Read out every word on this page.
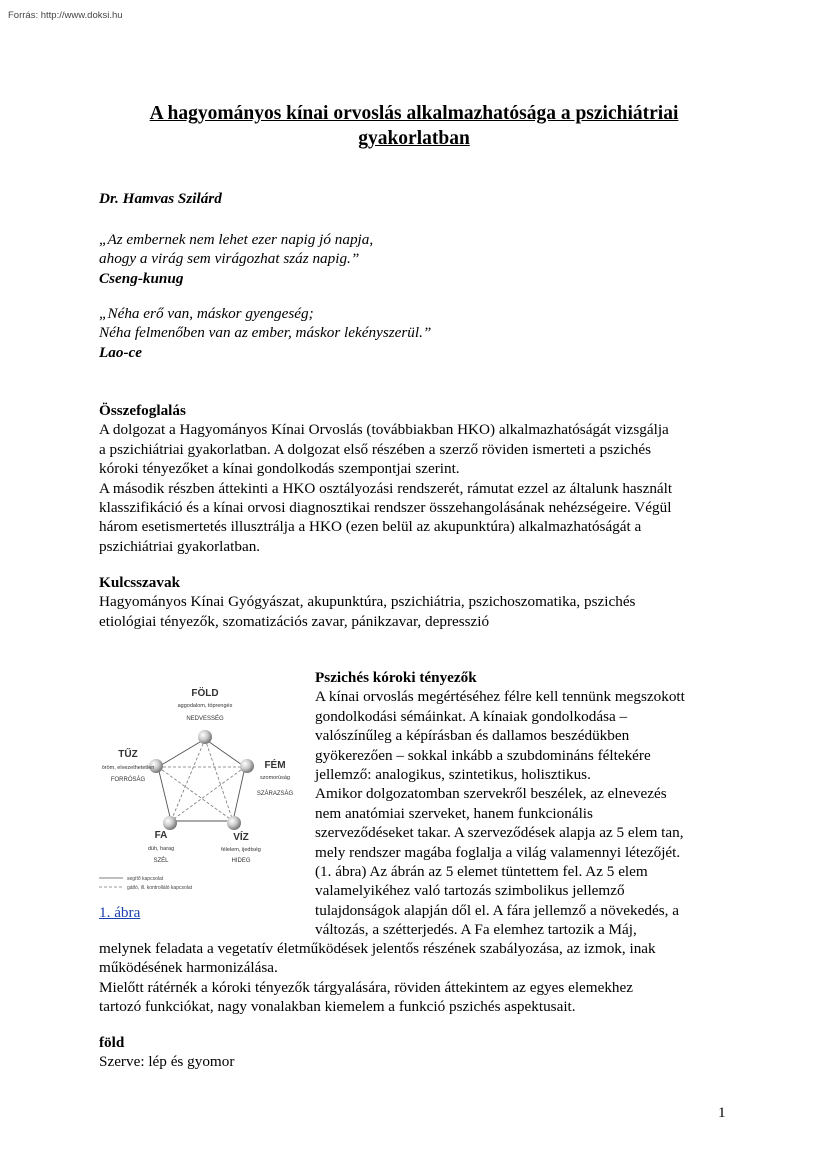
Forrás: http://www.doksi.hu
A hagyományos kínai orvoslás alkalmazhatósága a pszichiátriai
gyakorlatban
Dr. Hamvas Szilárd
„Az embernek nem lehet ezer napig jó napja,
ahogy a virág sem virágozhat száz napig.”
Cseng-kunug
„Néha erő van, máskor gyengeség;
Néha felmenőben van az ember, máskor lekényszerül.”
Lao-ce
Összefoglalás
A dolgozat a Hagyományos Kínai Orvoslás (továbbiakban HKO) alkalmazhatóságát vizsgálja
a pszichiátriai gyakorlatban. A dolgozat első részében a szerző röviden ismerteti a pszichés
kóroki tényezőket a kínai gondolkodás szempontjai szerint.
A második részben áttekinti a HKO osztályozási rendszerét, rámutat ezzel az általunk használt
klasszifikáció és a kínai orvosi diagnosztikai rendszer összehangolásának nehézségeire. Végül
három esetismertetés illusztrálja a HKO (ezen belül az akupunktúra) alkalmazhatóságát a
pszichiátriai gyakorlatban.
Kulcsszavak
Hagyományos Kínai Gyógyászat, akupunktúra, pszichiátria, pszichoszomatika, pszichés
etiológiai tényezők, szomatizációs zavar, pánikzavar, depresszió
FÖLD
aggodalom, töprengés
NEDVESSÉG
TŰZ
öröm, elvezethetetlen
FORRÓSÁG
FÉM
szomorúság
SZÁRAZSÁG
FA
düh, harag
SZÉL
VÍZ
félelem, ijedtség
HIDEG
segítő kapcsolat
gátló, ill. kontrolláló kapcsolat
1. ábra
Pszichés kóroki tényezők
A kínai orvoslás megértéséhez félre kell tennünk megszokott
gondolkodási sémáinkat. A kínaiak gondolkodása –
valószínűleg a képírásban és dallamos beszédükben
gyökerezően – sokkal inkább a szubdomináns féltekére
jellemző: analogikus, szintetikus, holisztikus.
Amikor dolgozatomban szervekről beszélek, az elnevezés
nem anatómiai szerveket, hanem funkcionális
szerveződéseket takar. A szerveződések alapja az 5 elem tan,
mely rendszer magába foglalja a világ valamennyi létezőjét.
(1. ábra) Az ábrán az 5 elemet tüntettem fel. Az 5 elem
valamelyikéhez való tartozás szimbolikus jellemző
tulajdonságok alapján dől el. A fára jellemző a növekedés, a
változás, a szétterjedés. A Fa elemhez tartozik a Máj,
melynek feladata a vegetatív életműködések jelentős részének szabályozása, az izmok, inak
működésének harmonizálása.
Mielőtt rátérnék a kóroki tényezők tárgyalására, röviden áttekintem az egyes elemekhez
tartozó funkciókat, nagy vonalakban kiemelem a funkció pszichés aspektusait.
föld
Szerve: lép és gyomor
1
